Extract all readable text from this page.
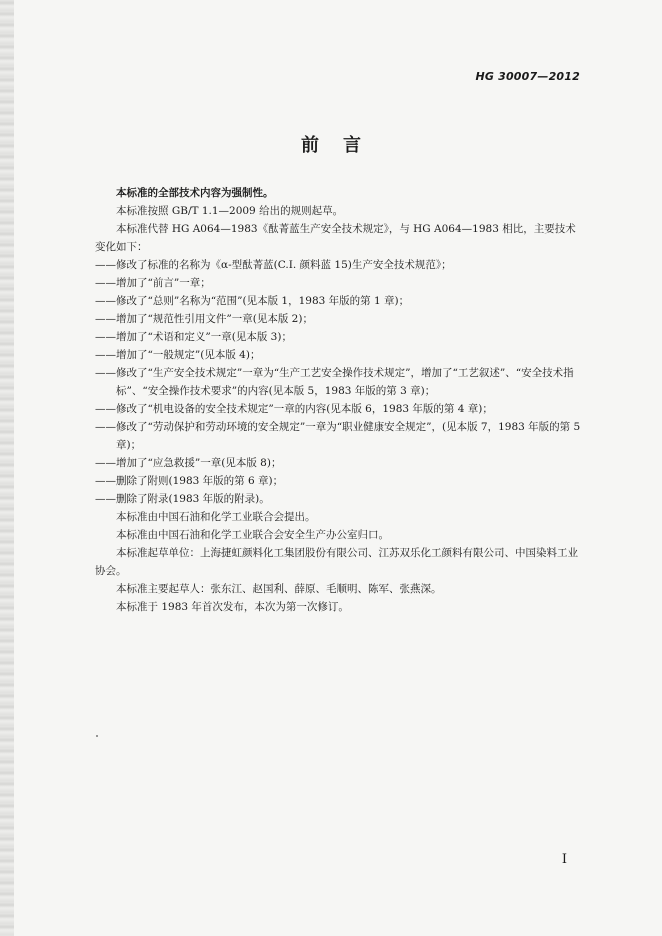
HG 30007—2012
前言

本标准的全部技术内容为强制性。

本标准按照 GB/T 1.1—2009 给出的规则起草。

本标准代替 HG A064—1983《酞菁蓝生产安全技术规定》，与 HG A064—1983 相比，主要技术变化如下：

—— 修改了标准的名称为《α-型酞菁蓝(C.I. 颜料蓝 15)生产安全技术规范》；
—— 增加了“前言”一章；
—— 修改了“总则”名称为“范围”(见本版 1，1983 年版的第 1 章)；
—— 增加了“规范性引用文件”一章(见本版 2)；
—— 增加了“术语和定义”一章(见本版 3)；
—— 增加了“一般规定”(见本版 4)；
—— 修改了“生产安全技术规定”一章为“生产工艺安全操作技术规定”，增加了“工艺叙述”、“安全技术指标”、“安全操作技术要求”的内容(见本版 5，1983 年版的第 3 章)；
—— 修改了“机电设备的安全技术规定”一章的内容(见本版 6，1983 年版的第 4 章)；
—— 修改了“劳动保护和劳动环境的安全规定”一章为“职业健康安全规定”，(见本版 7，1983 年版的第 5 章)；
—— 增加了“应急救援”一章(见本版 8)；
—— 删除了附则(1983 年版的第 6 章)；
—— 删除了附录(1983 年版的附录)。

本标准由中国石油和化学工业联合会提出。

本标准由中国石油和化学工业联合会安全生产办公室归口。

本标准起草单位：上海捷虹颜料化工集团股份有限公司、江苏双乐化工颜料有限公司、中国染料工业协会。

本标准主要起草人：张东江、赵国利、薛原、毛顺明、陈军、张燕深。

本标准于 1983 年首次发布，本次为第一次修订。

I
